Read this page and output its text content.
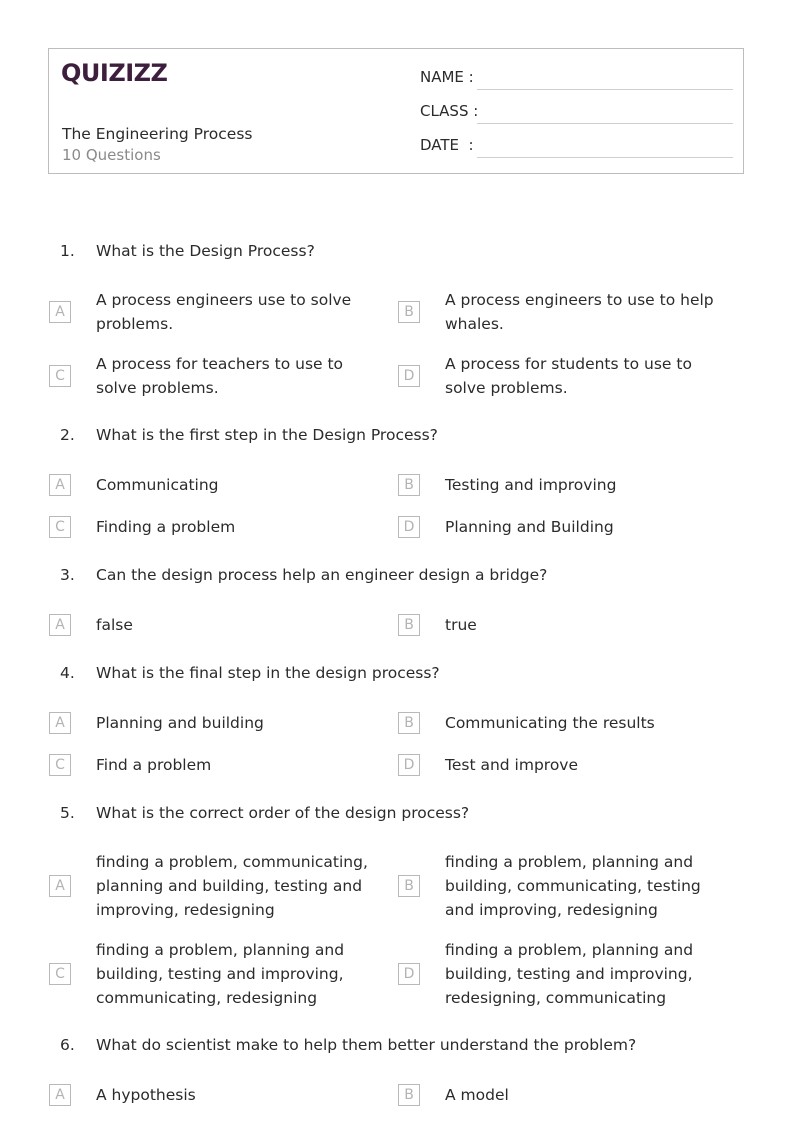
QUIZIZZ
The Engineering Process
10 Questions
NAME :
CLASS :
DATE  :
1. What is the Design Process?
A
A process engineers use to solve problems.
B
A process engineers to use to help whales.
C
A process for teachers to use to solve problems.
D
A process for students to use to solve problems.
2. What is the first step in the Design Process?
A	Communicating	B	Testing and improving
C	Finding a problem	D	Planning and Building
3. Can the design process help an engineer design a bridge?
A	false	B	true
4. What is the final step in the design process?
A	Planning and building	B	Communicating the results
C	Find a problem	D	Test and improve
5. What is the correct order of the design process?
A
finding a problem, communicating, planning and building, testing and improving, redesigning
B
finding a problem, planning and building, communicating, testing and improving, redesigning
C
finding a problem, planning and building, testing and improving, communicating, redesigning
D
finding a problem, planning and building, testing and improving, redesigning, communicating
6. What do scientist make to help them better understand the problem?
A	A hypothesis	B	A model
